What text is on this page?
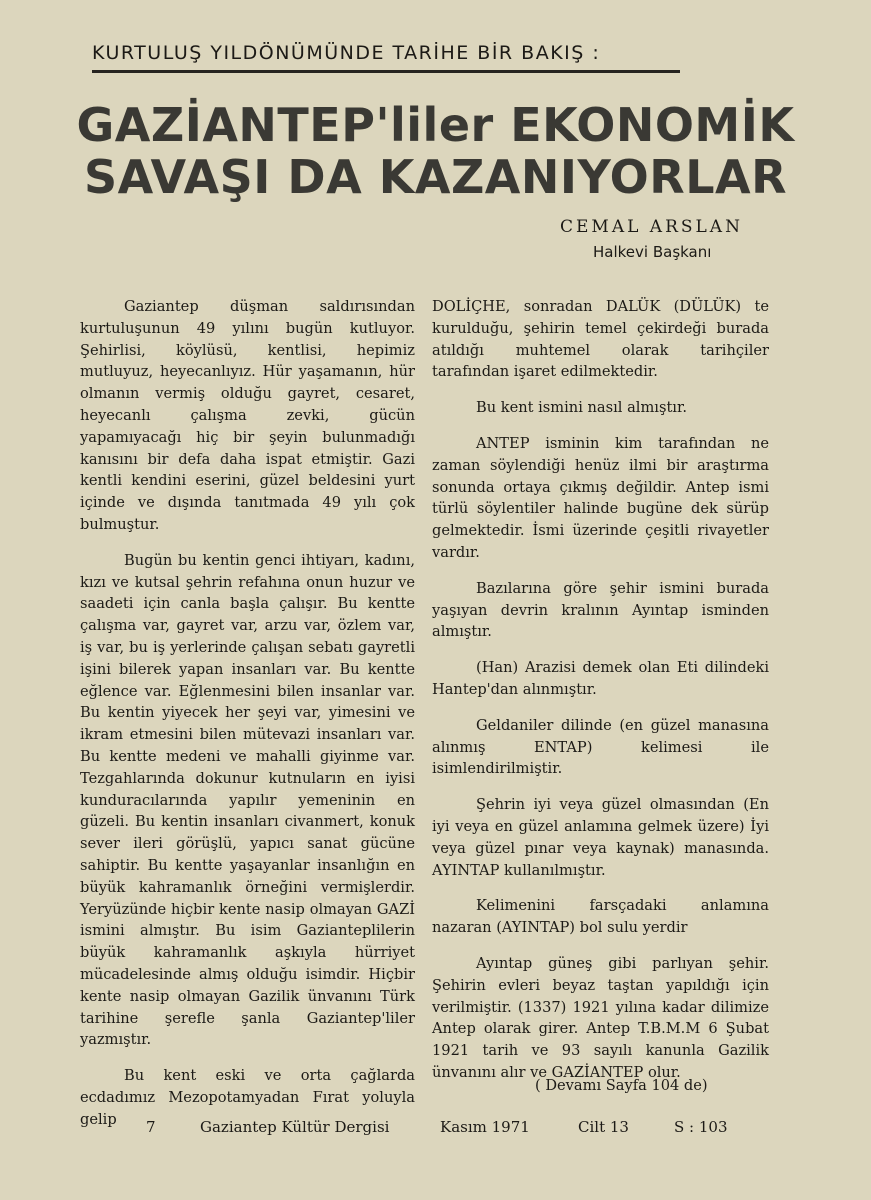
KURTULUŞ YILDÖNÜMÜNDE TARİHE BİR BAKIŞ :
GAZİANTEP'liler EKONOMİK
SAVAŞI DA KAZANIYORLAR
CEMAL ARSLAN
Halkevi Başkanı

Gaziantep düşman saldırısından kurtuluşunun 49 yılını bugün kutluyor. Şehirlisi, köylüsü, kentlisi, hepimiz mutluyuz, heyecanlıyız. Hür yaşamanın, hür olmanın vermiş olduğu gayret, cesaret, heyecanlı çalışma zevki, gücün yapamıyacağı hiç bir şeyin bulunmadığı kanısını bir defa daha ispat etmiştir. Gazi kentli kendini eserini, güzel beldesini yurt içinde ve dışında tanıtmada 49 yılı çok bulmuştur.

Bugün bu kentin genci ihtiyarı, kadını, kızı ve kutsal şehrin refahına onun huzur ve saadeti için canla başla çalışır. Bu kentte çalışma var, gayret var, arzu var, özlem var, iş var, bu iş yerlerinde çalışan sebatı gayretli işini bilerek yapan insanları var. Bu kentte eğlence var. Eğlenmesini bilen insanlar var. Bu kentin yiyecek her şeyi var, yimesini ve ikram etmesini bilen mütevazi insanları var. Bu kentte medeni ve mahalli giyinme var. Tezgahlarında dokunur kutnuların en iyisi kunduracılarında yapılır yemeninin en güzeli. Bu kentin insanları civanmert, konuk sever ileri görüşlü, yapıcı sanat gücüne sahiptir. Bu kentte yaşayanlar insanlığın en büyük kahramanlık örneğini vermişlerdir. Yeryüzünde hiçbir kente nasip olmayan GAZİ ismini almıştır. Bu isim Gazianteplilerin büyük kahramanlık aşkıyla hürriyet mücadelesinde almış olduğu isimdir. Hiçbir kente nasip olmayan Gazilik ünvanını Türk tarihine şerefle şanla Gaziantep'liler yazmıştır.

Bu kent eski ve orta çağlarda ecdadımız Mezopotamyadan Fırat yoluyla gelip

DOLİÇHE, sonradan DALÜK (DÜLÜK) te kurulduğu, şehirin temel çekirdeği burada atıldığı muhtemel olarak tarihçiler tarafından işaret edilmektedir.

Bu kent ismini nasıl almıştır.

ANTEP isminin kim tarafından ne zaman söylendiği henüz ilmi bir araştırma sonunda ortaya çıkmış değildir. Antep ismi türlü söylentiler halinde bugüne dek sürüp gelmektedir. İsmi üzerinde çeşitli rivayetler vardır.

Bazılarına göre şehir ismini burada yaşıyan devrin kralının Ayıntap isminden almıştır.

(Han) Arazisi demek olan Eti dilindeki Hantep'dan alınmıştır.

Geldaniler dilinde (en güzel manasına alınmış ENTAP) kelimesi ile isimlendirilmiştir.

Şehrin iyi veya güzel olmasından (En iyi veya en güzel anlamına gelmek üzere) İyi veya güzel pınar veya kaynak) manasında. AYINTAP kullanılmıştır.

Kelimenini farsçadaki anlamına nazaran (AYINTAP) bol sulu yerdir

Ayıntap güneş gibi parlıyan şehir. Şehirin evleri beyaz taştan yapıldığı için verilmiştir. (1337) 1921 yılına kadar dilimize Antep olarak girer. Antep T.B.M.M 6 Şubat 1921 tarih ve 93 sayılı kanunla Gazilik ünvanını alır ve GAZİANTEP olur.

( Devamı Sayfa 104 de)
7	Gaziantep Kültür Dergisi	Kasım 1971	Cilt 13	S : 103
